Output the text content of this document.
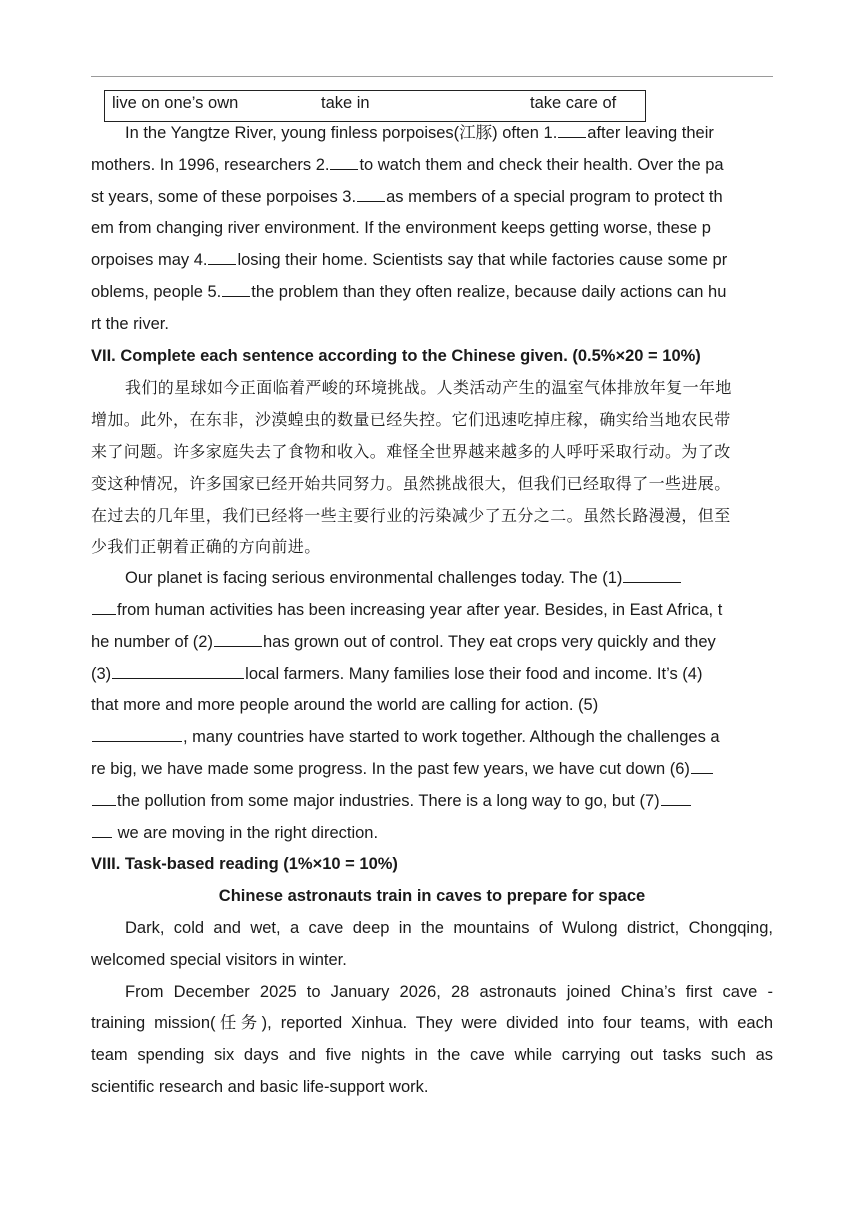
live on one’s own	take in	take care of
In the Yangtze River, young finless porpoises(江豚) often 1. after leaving their
mothers. In 1996, researchers 2. to watch them and check their health. Over the pa
st years, some of these porpoises 3. as members of a special program to protect th
em from changing river environment. If the environment keeps getting worse, these p
orpoises may 4. losing their home. Scientists say that while factories cause some pr
oblems, people 5. the problem than they often realize, because daily actions can hu
rt the river.
VII. Complete each sentence according to the Chinese given. (0.5%×20 = 10%)
我们的星球如今正面临着严峻的环境挑战。人类活动产生的温室气体排放年复一年地
增加。此外，在东非，沙漠蝗虫的数量已经失控。它们迅速吃掉庄稼，确实给当地农民带
来了问题。许多家庭失去了食物和收入。难怪全世界越来越多的人呼吁采取行动。为了改
变这种情况，许多国家已经开始共同努力。虽然挑战很大，但我们已经取得了一些进展。
在过去的几年里，我们已经将一些主要行业的污染减少了五分之二。虽然长路漫漫，但至
少我们正朝着正确的方向前进。
Our planet is facing serious environmental challenges today. The (1)
from human activities has been increasing year after year. Besides, in East Africa, t
he number of (2)	has grown out of control. They eat crops very quickly and they
(3)	local farmers. Many families lose their food and income. It’s (4)
that more and more people around the world are calling for action. (5)
, many countries have started to work together. Although the challenges a
re big, we have made some progress. In the past few years, we have cut down (6)
the pollution from some major industries. There is a long way to go, but (7)
we are moving in the right direction.
VIII. Task-based reading (1%×10 = 10%)
Chinese astronauts train in caves to prepare for space
Dark, cold and wet, a cave deep in the mountains of Wulong district, Chongqing,
welcomed special visitors in winter.
From December 2025 to January 2026, 28 astronauts joined China’s first cave -
training mission(任务), reported Xinhua. They were divided into four teams, with each
team spending six days and five nights in the cave while carrying out tasks such as
scientific research and basic life-support work.
